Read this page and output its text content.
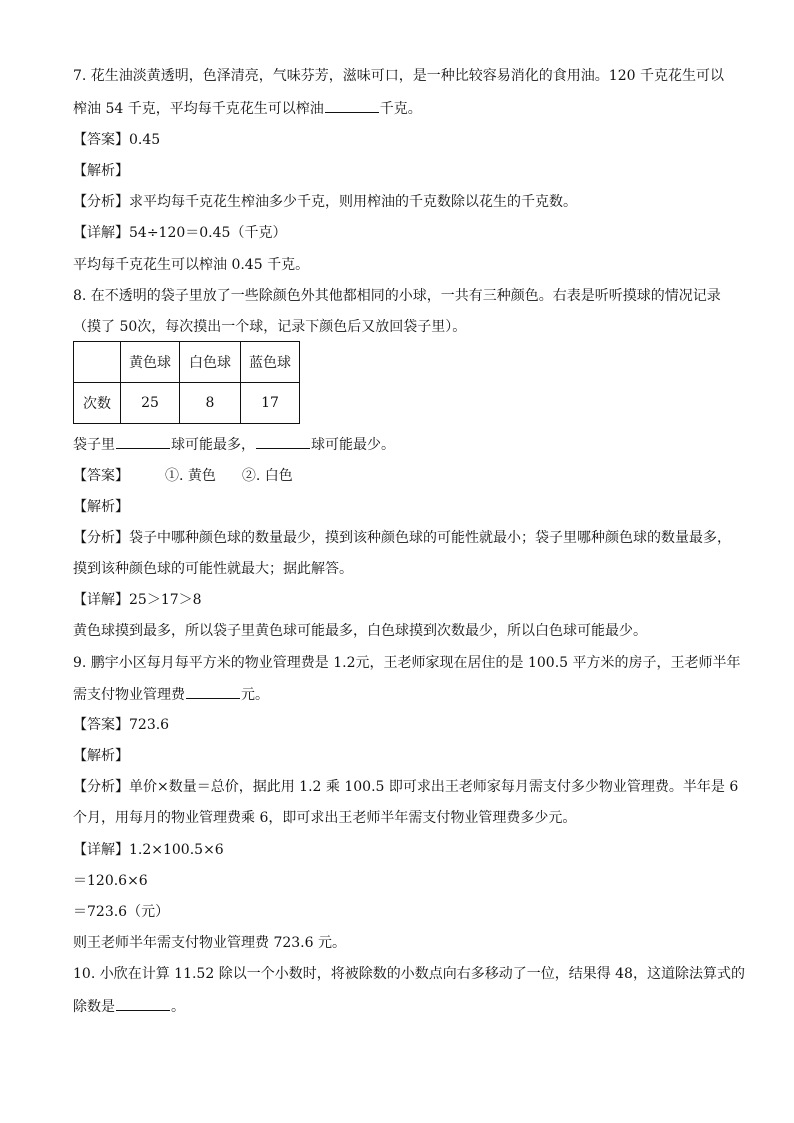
7. 花生油淡黄透明，色泽清亮，气味芬芳，滋味可口，是一种比较容易消化的食用油。120 千克花生可以
榨油 54 千克，平均每千克花生可以榨油	千克。
【答案】0.45
【解析】
【分析】求平均每千克花生榨油多少千克，则用榨油的千克数除以花生的千克数。
【详解】54÷120＝0.45（千克）
平均每千克花生可以榨油 0.45 千克。
8. 在不透明的袋子里放了一些除颜色外其他都相同的小球，一共有三种颜色。右表是听听摸球的情况记录
（摸了 50次，每次摸出一个球，记录下颜色后又放回袋子里）。
	黄色球	白色球	蓝色球
次数	25	8	17
袋子里	球可能最多，	球可能最少。
【答案】	①. 黄色 ②. 白色
【解析】
【分析】袋子中哪种颜色球的数量最少，摸到该种颜色球的可能性就最小；袋子里哪种颜色球的数量最多，
摸到该种颜色球的可能性就最大；据此解答。
【详解】25＞17＞8
黄色球摸到最多，所以袋子里黄色球可能最多，白色球摸到次数最少，所以白色球可能最少。
9. 鹏宇小区每月每平方米的物业管理费是 1.2元，王老师家现在居住的是 100.5 平方米的房子，王老师半年
需支付物业管理费	元。
【答案】723.6
【解析】
【分析】单价×数量＝总价，据此用 1.2 乘 100.5 即可求出王老师家每月需支付多少物业管理费。半年是 6
个月，用每月的物业管理费乘 6，即可求出王老师半年需支付物业管理费多少元。
【详解】1.2×100.5×6
＝120.6×6
＝723.6（元）
则王老师半年需支付物业管理费 723.6 元。
10. 小欣在计算 11.52 除以一个小数时，将被除数的小数点向右多移动了一位，结果得 48，这道除法算式的
除数是	。
